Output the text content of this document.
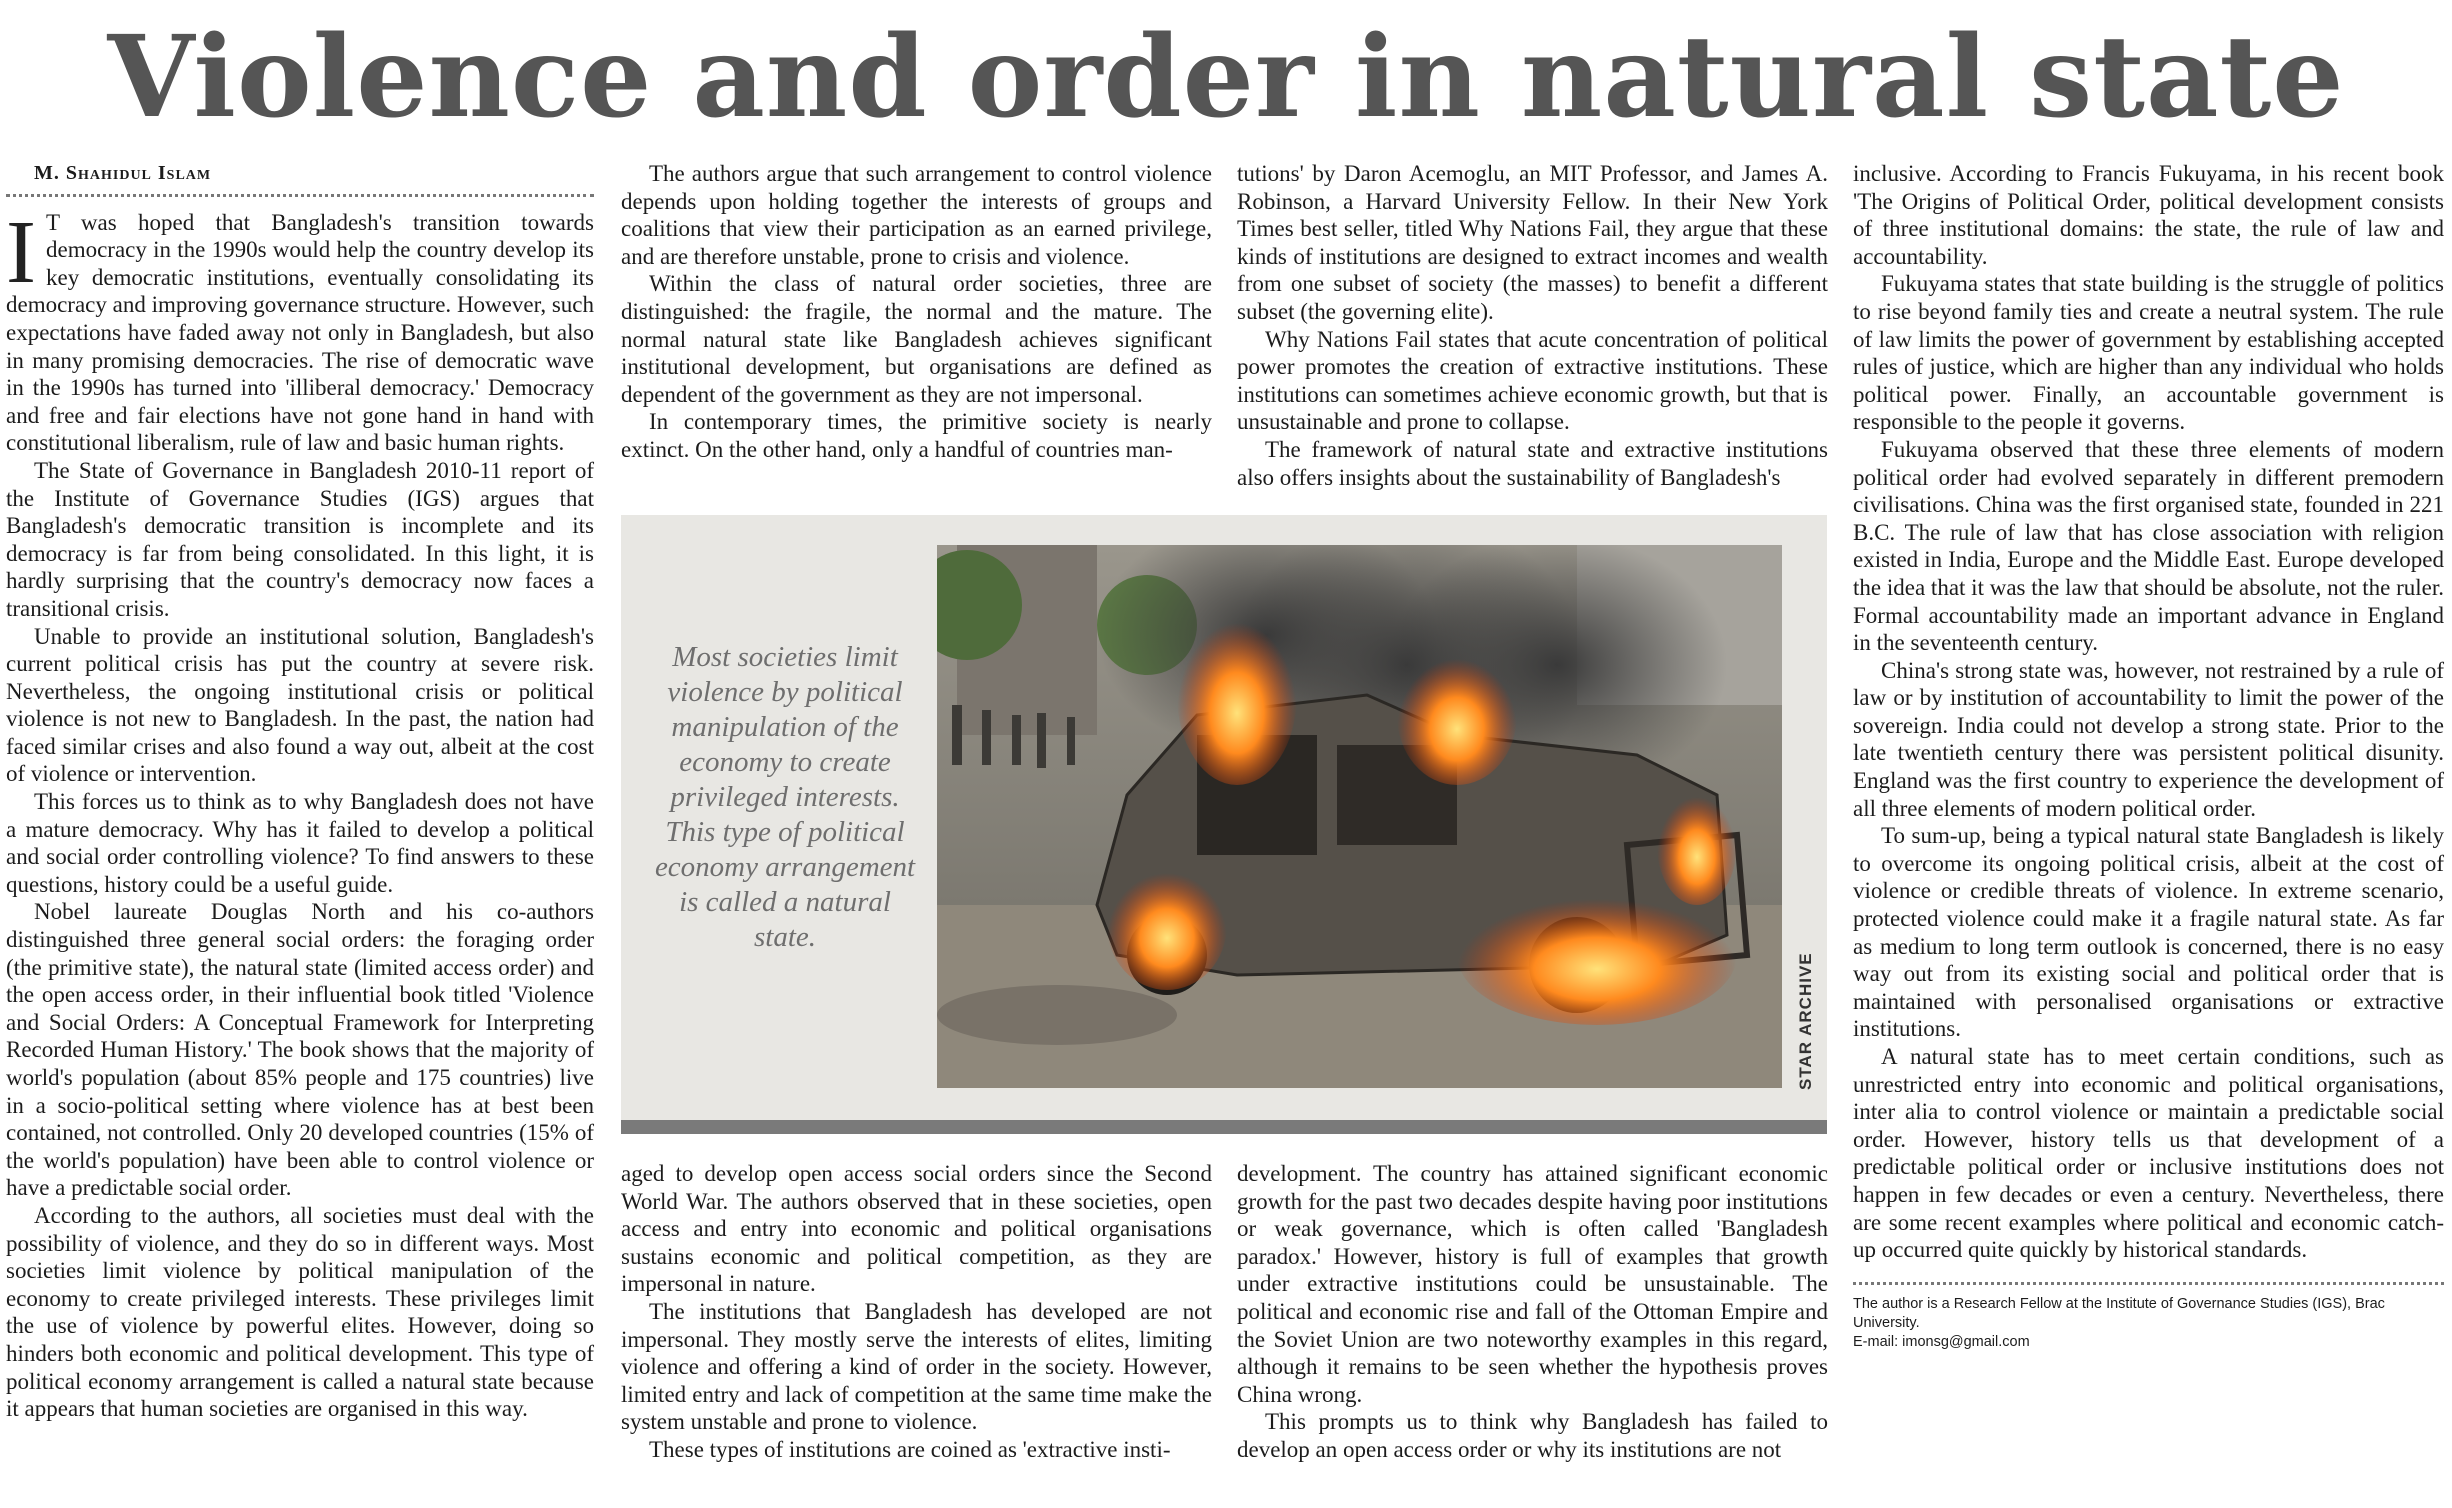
Violence and order in natural state

M. Shahidul Islam

I T was hoped that Bangladesh's transition towards democracy in the 1990s would help the country develop its key democratic institutions, eventually consolidating its democracy and improving governance structure. However, such expectations have faded away not only in Bangladesh, but also in many promising democracies. The rise of democratic wave in the 1990s has turned into 'illiberal democracy.' Democracy and free and fair elections have not gone hand in hand with constitutional liberalism, rule of law and basic human rights.

The State of Governance in Bangladesh 2010-11 report of the Institute of Governance Studies (IGS) argues that Bangladesh's democratic transition is incomplete and its democracy is far from being consolidated. In this light, it is hardly surprising that the country's democracy now faces a transitional crisis.

Unable to provide an institutional solution, Bangladesh's current political crisis has put the country at severe risk. Nevertheless, the ongoing institutional crisis or political violence is not new to Bangladesh. In the past, the nation had faced similar crises and also found a way out, albeit at the cost of violence or intervention.

This forces us to think as to why Bangladesh does not have a mature democracy. Why has it failed to develop a political and social order controlling violence? To find answers to these questions, history could be a useful guide.

Nobel laureate Douglas North and his co-authors distinguished three general social orders: the foraging order (the primitive state), the natural state (limited access order) and the open access order, in their influential book titled 'Violence and Social Orders: A Conceptual Framework for Interpreting Recorded Human History.' The book shows that the majority of world's population (about 85% people and 175 countries) live in a socio-political setting where violence has at best been contained, not controlled. Only 20 developed countries (15% of the world's population) have been able to control violence or have a predictable social order.

According to the authors, all societies must deal with the possibility of violence, and they do so in different ways. Most societies limit violence by political manipulation of the economy to create privileged interests. These privileges limit the use of violence by powerful elites. However, doing so hinders both economic and political development. This type of political economy arrangement is called a natural state because it appears that human societies are organised in this way.

The authors argue that such arrangement to control violence depends upon holding together the interests of groups and coalitions that view their participation as an earned privilege, and are therefore unstable, prone to crisis and violence.

Within the class of natural order societies, three are distinguished: the fragile, the normal and the mature. The normal natural state like Bangladesh achieves significant institutional development, but organisations are defined as dependent of the government as they are not impersonal.

In contemporary times, the primitive society is nearly extinct. On the other hand, only a handful of countries man-

tutions' by Daron Acemoglu, an MIT Professor, and James A. Robinson, a Harvard University Fellow. In their New York Times best seller, titled Why Nations Fail, they argue that these kinds of institutions are designed to extract incomes and wealth from one subset of society (the masses) to benefit a different subset (the governing elite).

Why Nations Fail states that acute concentration of political power promotes the creation of extractive institutions. These institutions can sometimes achieve economic growth, but that is unsustainable and prone to collapse.

The framework of natural state and extractive institutions also offers insights about the sustainability of Bangladesh's

Most societies limit violence by political manipulation of the economy to create privileged interests. This type of political economy arrangement is called a natural state.
STAR ARCHIVE

aged to develop open access social orders since the Second World War. The authors observed that in these societies, open access and entry into economic and political organisations sustains economic and political competition, as they are impersonal in nature.

The institutions that Bangladesh has developed are not impersonal. They mostly serve the interests of elites, limiting violence and offering a kind of order in the society. However, limited entry and lack of competition at the same time make the system unstable and prone to violence.

These types of institutions are coined as 'extractive insti-

development. The country has attained significant economic growth for the past two decades despite having poor institutions or weak governance, which is often called 'Bangladesh paradox.' However, history is full of examples that growth under extractive institutions could be unsustainable. The political and economic rise and fall of the Ottoman Empire and the Soviet Union are two noteworthy examples in this regard, although it remains to be seen whether the hypothesis proves China wrong.

This prompts us to think why Bangladesh has failed to develop an open access order or why its institutions are not

inclusive. According to Francis Fukuyama, in his recent book 'The Origins of Political Order, political development consists of three institutional domains: the state, the rule of law and accountability.

Fukuyama states that state building is the struggle of politics to rise beyond family ties and create a neutral system. The rule of law limits the power of government by establishing accepted rules of justice, which are higher than any individual who holds political power. Finally, an accountable government is responsible to the people it governs.

Fukuyama observed that these three elements of modern political order had evolved separately in different premodern civilisations. China was the first organised state, founded in 221 B.C. The rule of law that has close association with religion existed in India, Europe and the Middle East. Europe developed the idea that it was the law that should be absolute, not the ruler. Formal accountability made an important advance in England in the seventeenth century.

China's strong state was, however, not restrained by a rule of law or by institution of accountability to limit the power of the sovereign. India could not develop a strong state. Prior to the late twentieth century there was persistent political disunity. England was the first country to experience the development of all three elements of modern political order.

To sum-up, being a typical natural state Bangladesh is likely to overcome its ongoing political crisis, albeit at the cost of violence or credible threats of violence. In extreme scenario, protected violence could make it a fragile natural state. As far as medium to long term outlook is concerned, there is no easy way out from its existing social and political order that is maintained with personalised organisations or extractive institutions.

A natural state has to meet certain conditions, such as unrestricted entry into economic and political organisations, inter alia to control violence or maintain a predictable social order. However, history tells us that development of a predictable political order or inclusive institutions does not happen in few decades or even a century. Nevertheless, there are some recent examples where political and economic catch-up occurred quite quickly by historical standards.

The author is a Research Fellow at the Institute of Governance Studies (IGS), Brac University.

E-mail: imonsg@gmail.com
